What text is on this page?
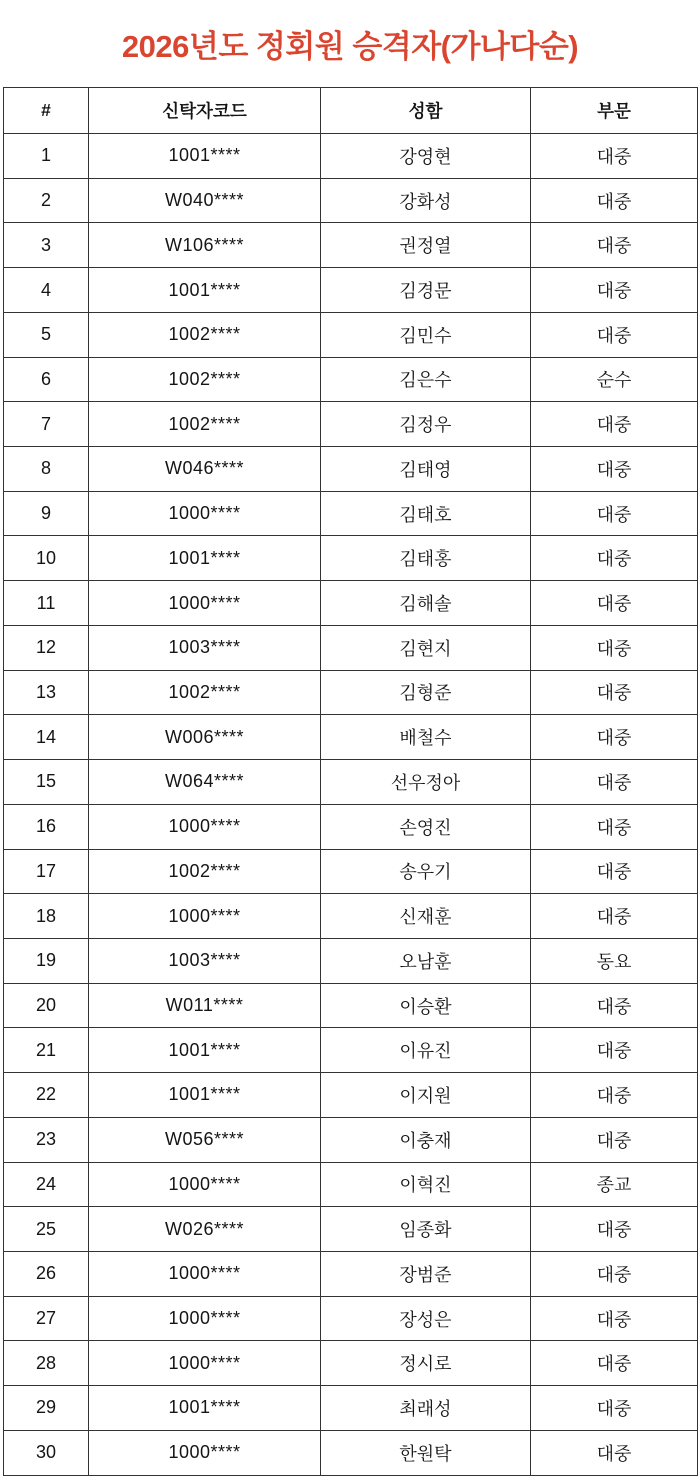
2026년도 정회원 승격자(가나다순)
#	신탁자코드	성함	부문
1	1001****	강영현	대중
2	W040****	강화성	대중
3	W106****	권정열	대중
4	1001****	김경문	대중
5	1002****	김민수	대중
6	1002****	김은수	순수
7	1002****	김정우	대중
8	W046****	김태영	대중
9	1000****	김태호	대중
10	1001****	김태홍	대중
11	1000****	김해솔	대중
12	1003****	김현지	대중
13	1002****	김형준	대중
14	W006****	배철수	대중
15	W064****	선우정아	대중
16	1000****	손영진	대중
17	1002****	송우기	대중
18	1000****	신재훈	대중
19	1003****	오남훈	동요
20	W011****	이승환	대중
21	1001****	이유진	대중
22	1001****	이지원	대중
23	W056****	이충재	대중
24	1000****	이혁진	종교
25	W026****	임종화	대중
26	1000****	장범준	대중
27	1000****	장성은	대중
28	1000****	정시로	대중
29	1001****	최래성	대중
30	1000****	한원탁	대중
